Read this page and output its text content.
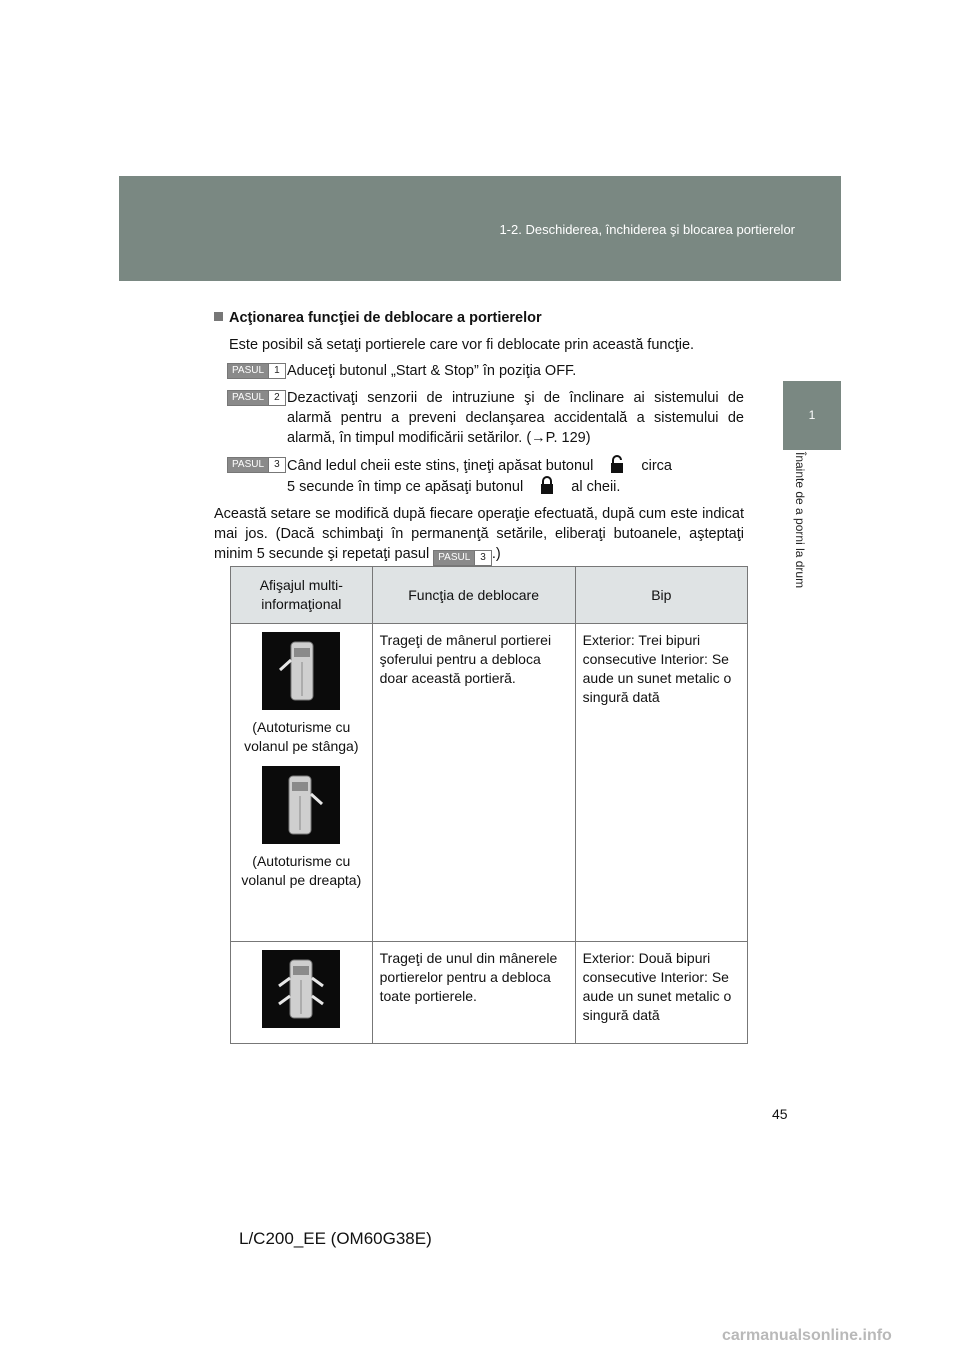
1-2. Deschiderea, închiderea şi blocarea portierelor
1
Înainte de a porni la drum
Acţionarea funcţiei de deblocare a portierelor
Este posibil să setaţi portierele care vor fi deblocate prin această funcţie.
PASUL	1 Aduceţi butonul „Start & Stop” în poziţia OFF.
PASUL	2 Dezactivaţi senzorii de intruziune şi de înclinare ai sistemului de alarmă pentru a preveni declanşarea accidentală a sistemului de alarmă, în timpul modificării setărilor. (→P. 129)
PASUL	3 Când ledul cheii este stins, ţineţi apăsat butonul	circa
5 secunde în timp ce apăsaţi butonul	al cheii.
Această setare se modifică după fiecare operaţie efectuată, după cum este indicat mai jos. (Dacă schimbaţi în permanenţă setările, eliberaţi butoanele, aşteptaţi minim 5 secunde şi repetaţi pasul PASUL	3 .)
Afişajul multi-informaţional	Funcţia de deblocare	Bip

(Autoturisme cu volanul pe stânga)
(Autoturisme cu volanul pe dreapta)	Trageţi de mânerul portierei şoferului pentru a debloca doar această portieră.	Exterior: Trei bipuri consecutive Interior: Se aude un sunet metalic o singură dată

	Trageţi de unul din mânerele portierelor pentru a debloca toate portierele.	Exterior: Două bipuri consecutive Interior: Se aude un sunet metalic o singură dată
45
L/C200_EE (OM60G38E)
carmanualsonline.info
